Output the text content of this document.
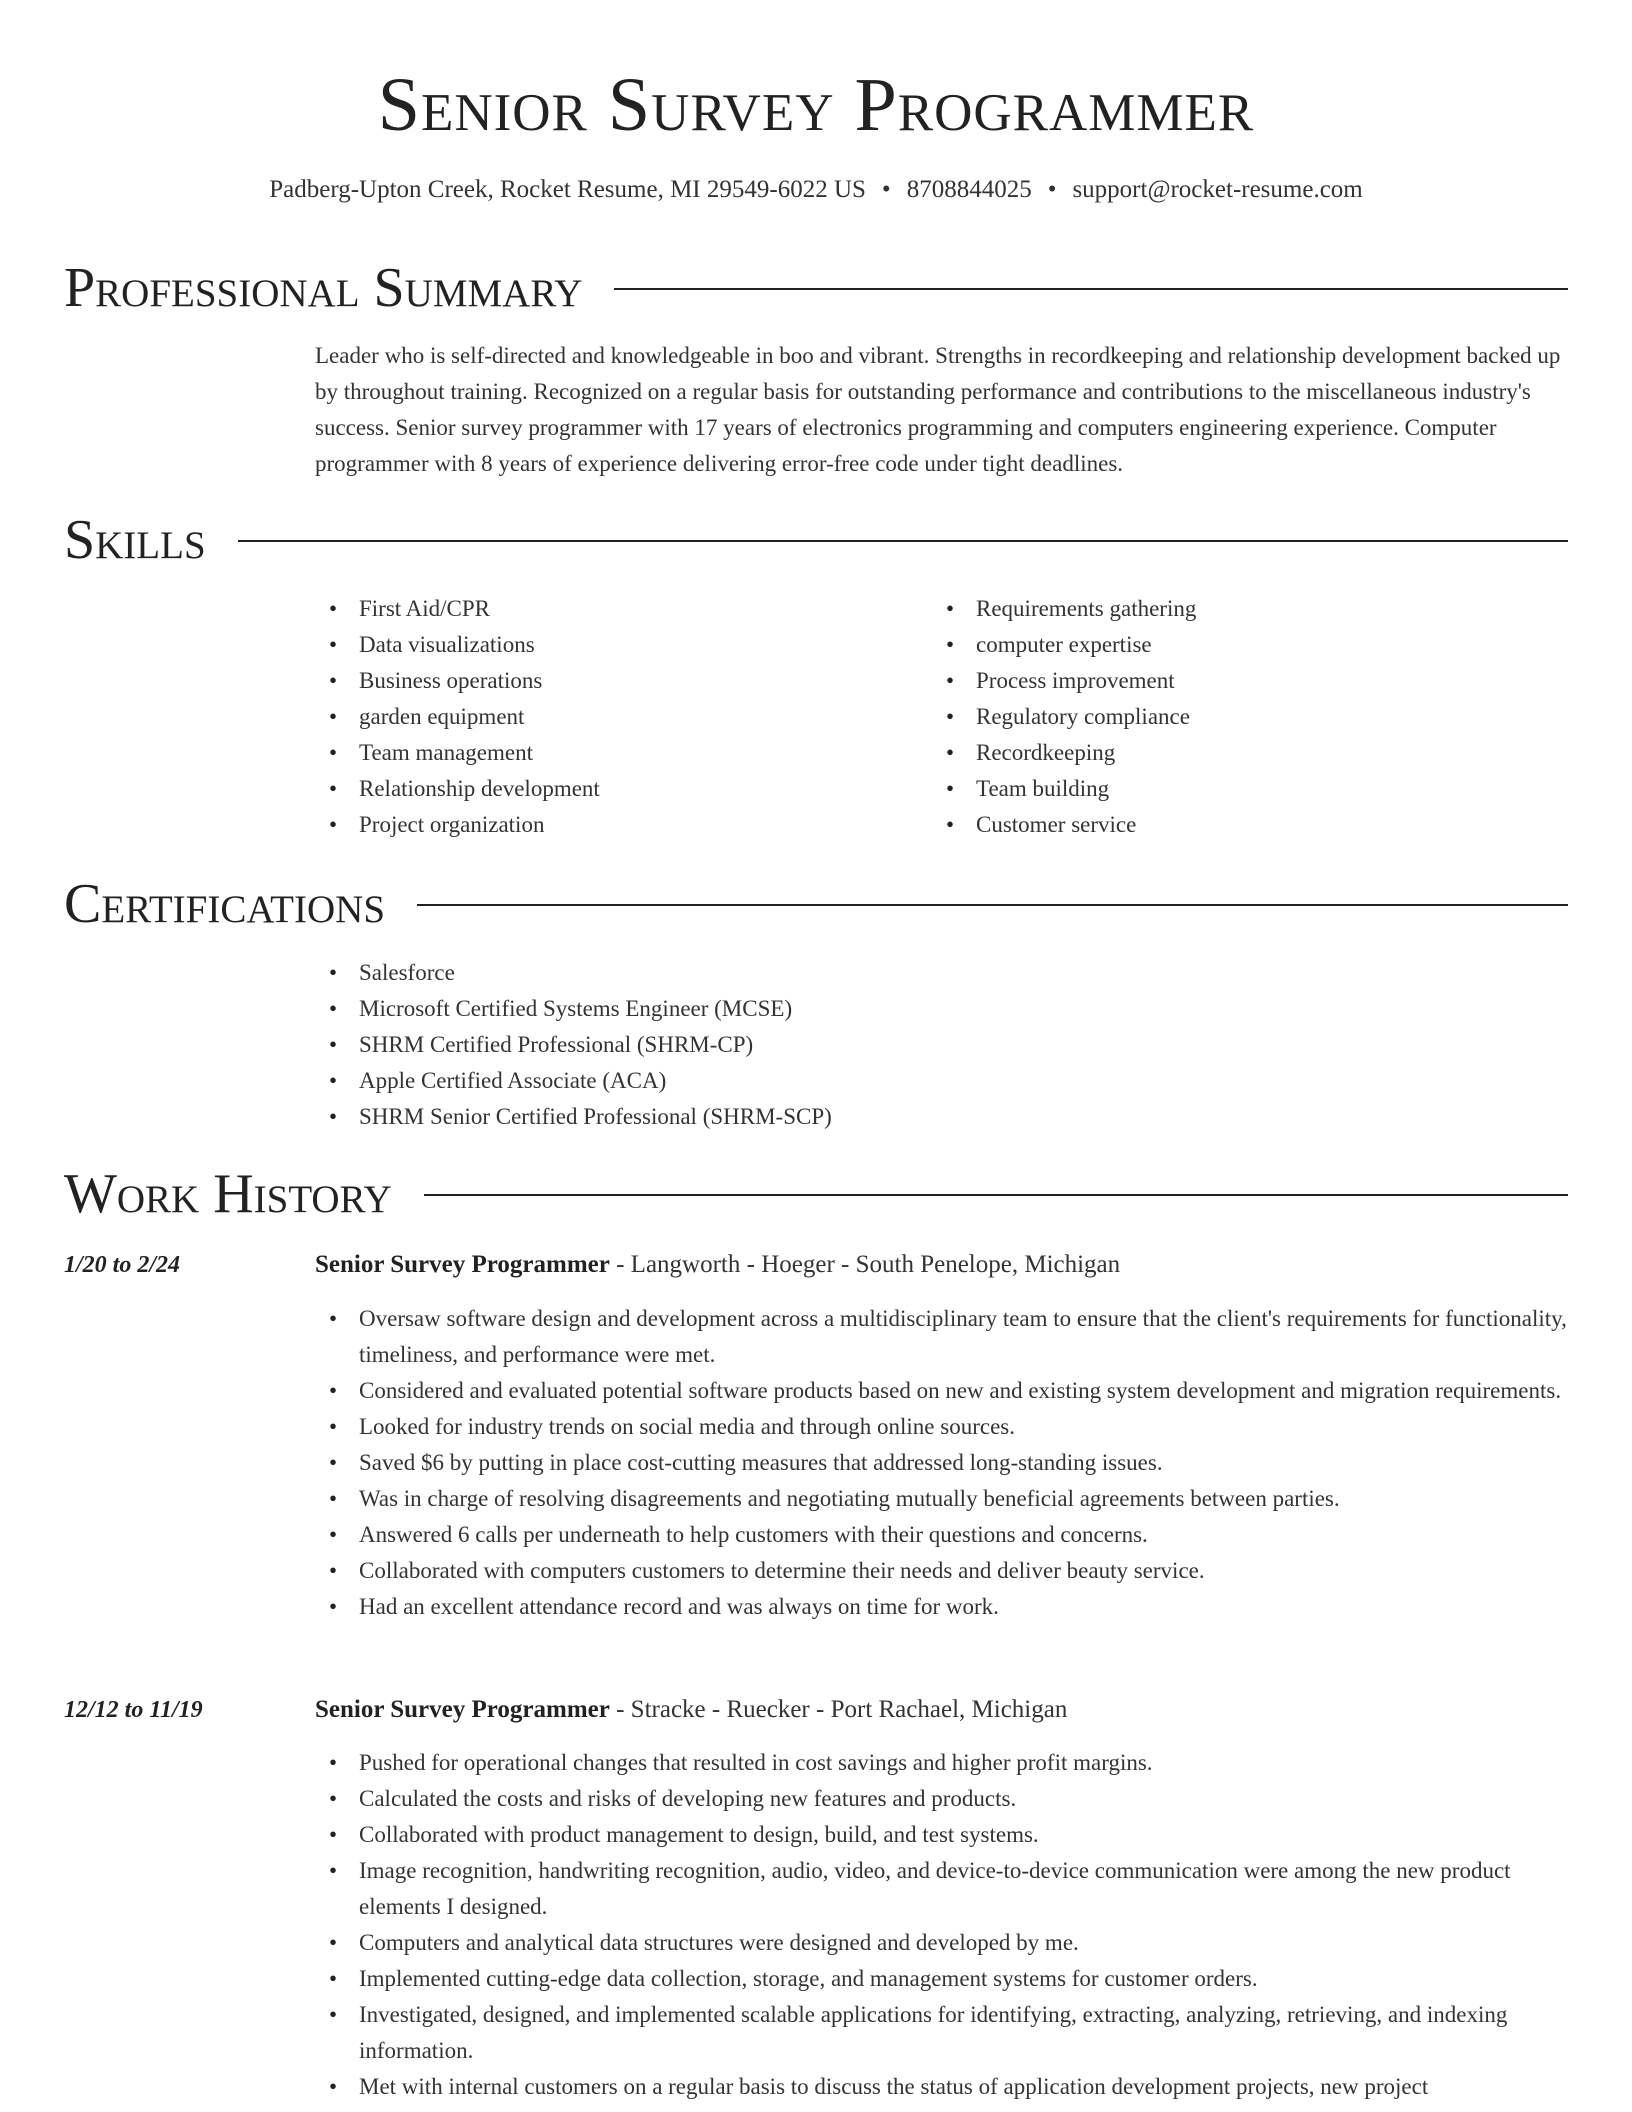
Senior Survey Programmer
Padberg-Upton Creek, Rocket Resume, MI 29549-6022 US • 8708844025 • support@rocket-resume.com
Professional Summary
Leader who is self-directed and knowledgeable in boo and vibrant. Strengths in recordkeeping and relationship development backed up by throughout training. Recognized on a regular basis for outstanding performance and contributions to the miscellaneous industry's success. Senior survey programmer with 17 years of electronics programming and computers engineering experience. Computer programmer with 8 years of experience delivering error-free code under tight deadlines.
Skills
• First Aid/CPR
• Data visualizations
• Business operations
• garden equipment
• Team management
• Relationship development
• Project organization
• Requirements gathering
• computer expertise
• Process improvement
• Regulatory compliance
• Recordkeeping
• Team building
• Customer service
Certifications
• Salesforce
• Microsoft Certified Systems Engineer (MCSE)
• SHRM Certified Professional (SHRM-CP)
• Apple Certified Associate (ACA)
• SHRM Senior Certified Professional (SHRM-SCP)
Work History
1/20 to 2/24	Senior Survey Programmer - Langworth - Hoeger - South Penelope, Michigan
• Oversaw software design and development across a multidisciplinary team to ensure that the client's requirements for functionality, timeliness, and performance were met.
• Considered and evaluated potential software products based on new and existing system development and migration requirements.
• Looked for industry trends on social media and through online sources.
• Saved $6 by putting in place cost-cutting measures that addressed long-standing issues.
• Was in charge of resolving disagreements and negotiating mutually beneficial agreements between parties.
• Answered 6 calls per underneath to help customers with their questions and concerns.
• Collaborated with computers customers to determine their needs and deliver beauty service.
• Had an excellent attendance record and was always on time for work.
12/12 to 11/19	Senior Survey Programmer - Stracke - Ruecker - Port Rachael, Michigan
• Pushed for operational changes that resulted in cost savings and higher profit margins.
• Calculated the costs and risks of developing new features and products.
• Collaborated with product management to design, build, and test systems.
• Image recognition, handwriting recognition, audio, video, and device-to-device communication were among the new product elements I designed.
• Computers and analytical data structures were designed and developed by me.
• Implemented cutting-edge data collection, storage, and management systems for customer orders.
• Investigated, designed, and implemented scalable applications for identifying, extracting, analyzing, retrieving, and indexing information.
• Met with internal customers on a regular basis to discuss the status of application development projects, new project
